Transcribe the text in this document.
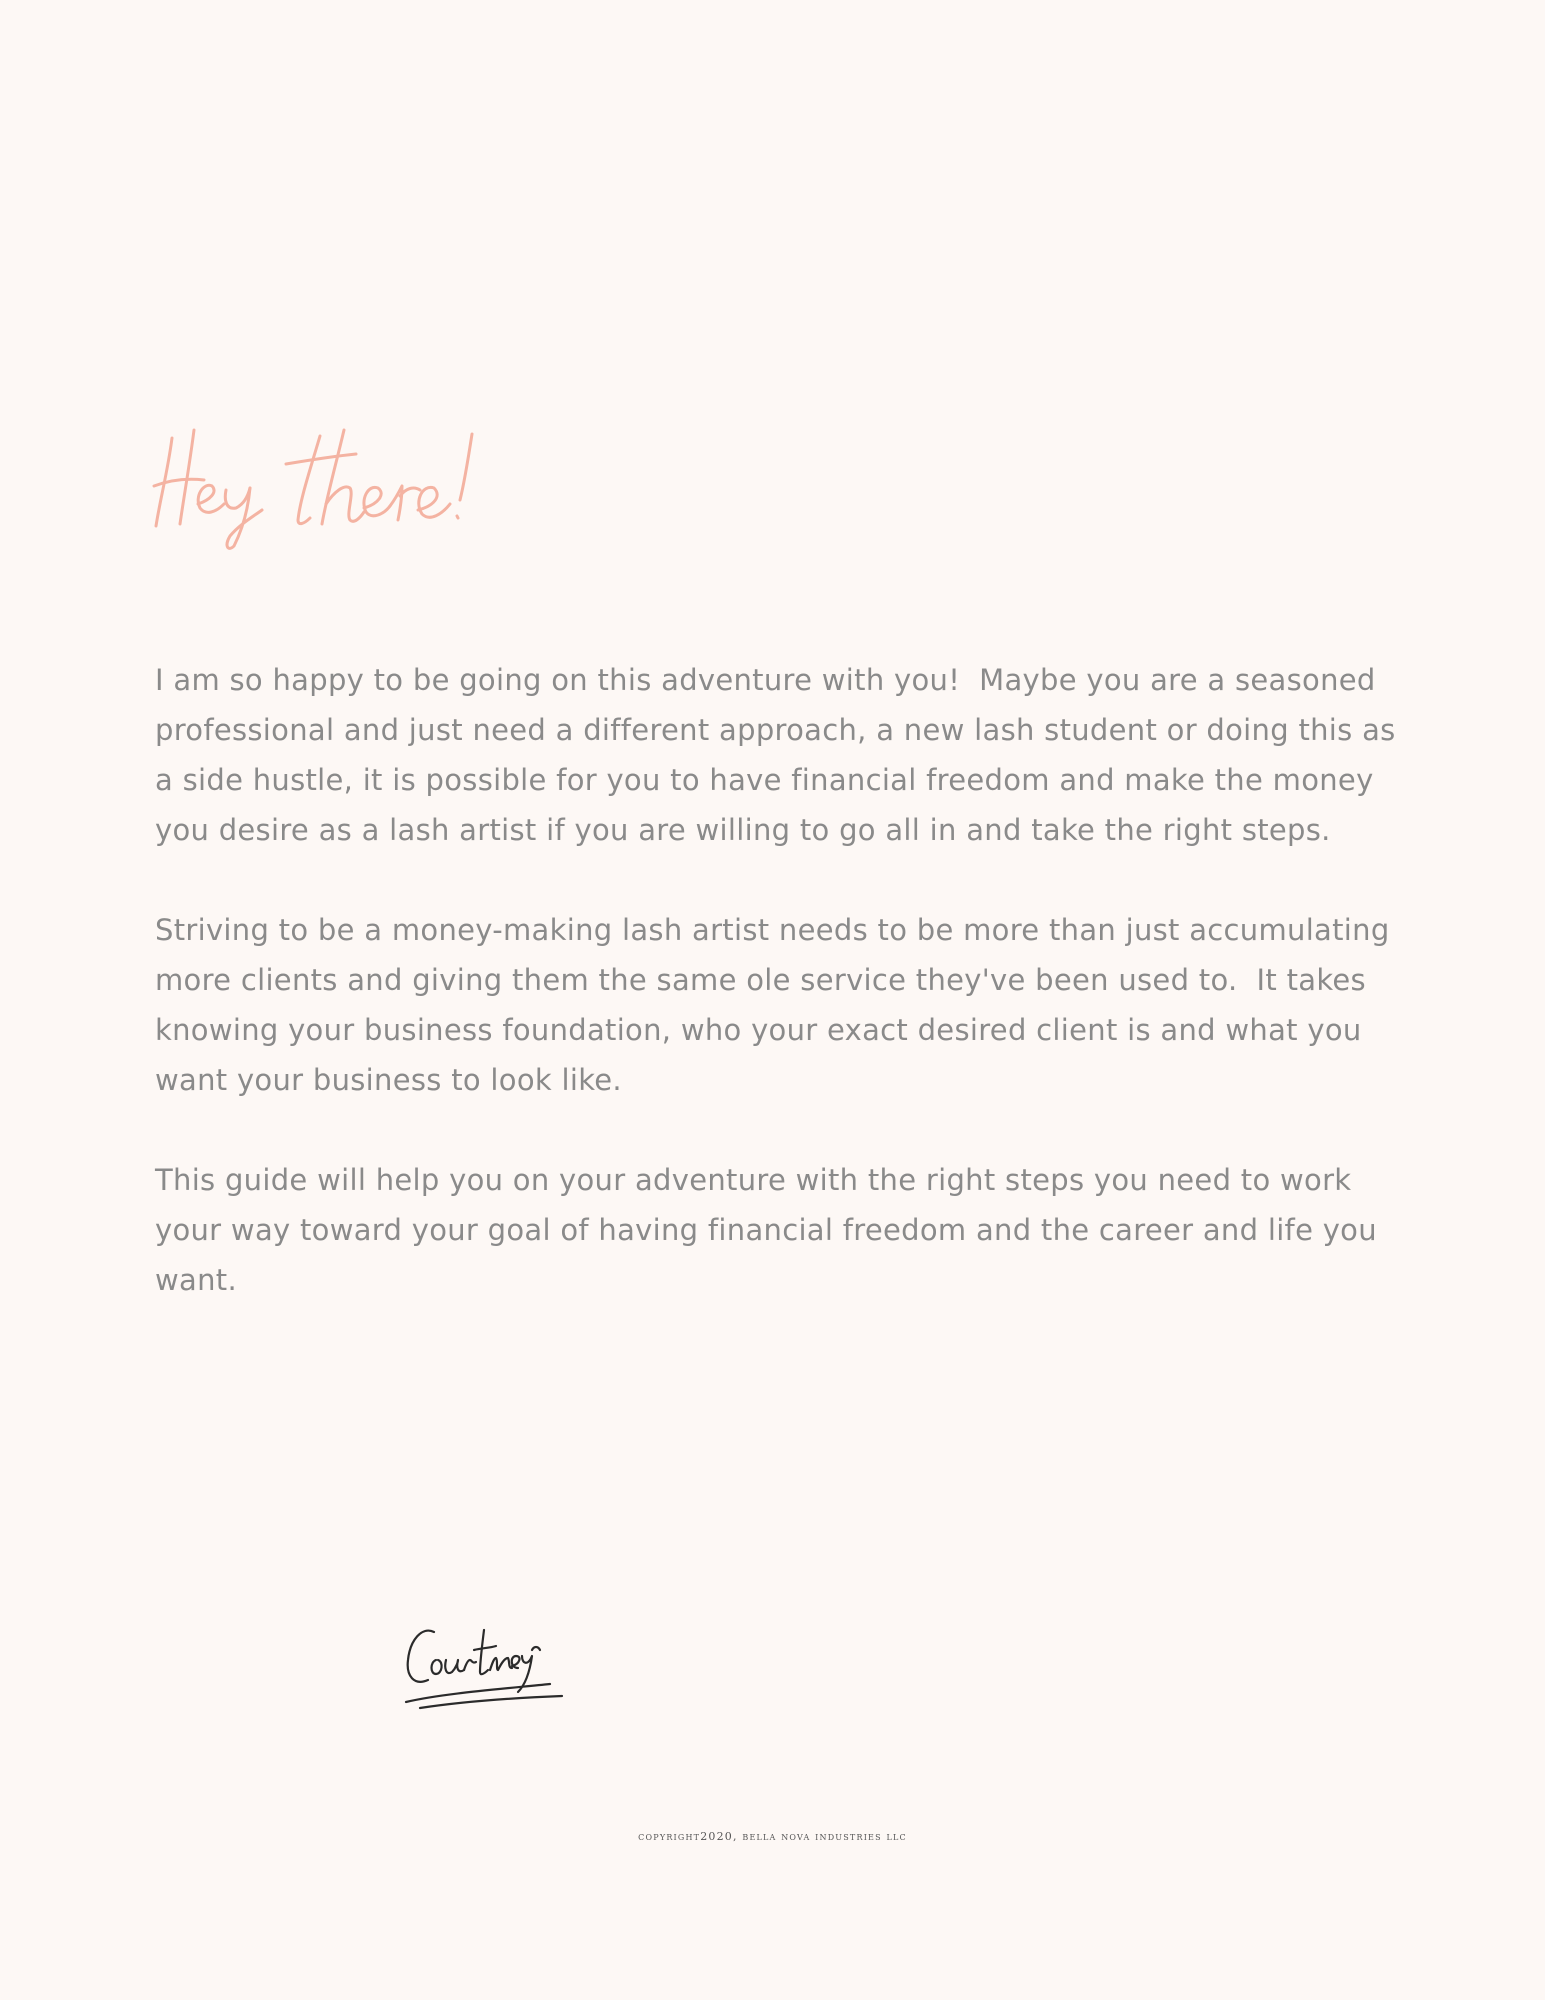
I am so happy to be going on this adventure with you!  Maybe you are a seasoned professional and just need a different approach, a new lash student or doing this as a side hustle, it is possible for you to have financial freedom and make the money you desire as a lash artist if you are willing to go all in and take the right steps.

Striving to be a money-making lash artist needs to be more than just accumulating more clients and giving them the same ole service they've been used to.  It takes knowing your business foundation, who your exact desired client is and what you want your business to look like.

This guide will help you on your adventure with the right steps you need to work your way toward your goal of having financial freedom and the career and life you want.

copyright2020, bella nova industries llc
